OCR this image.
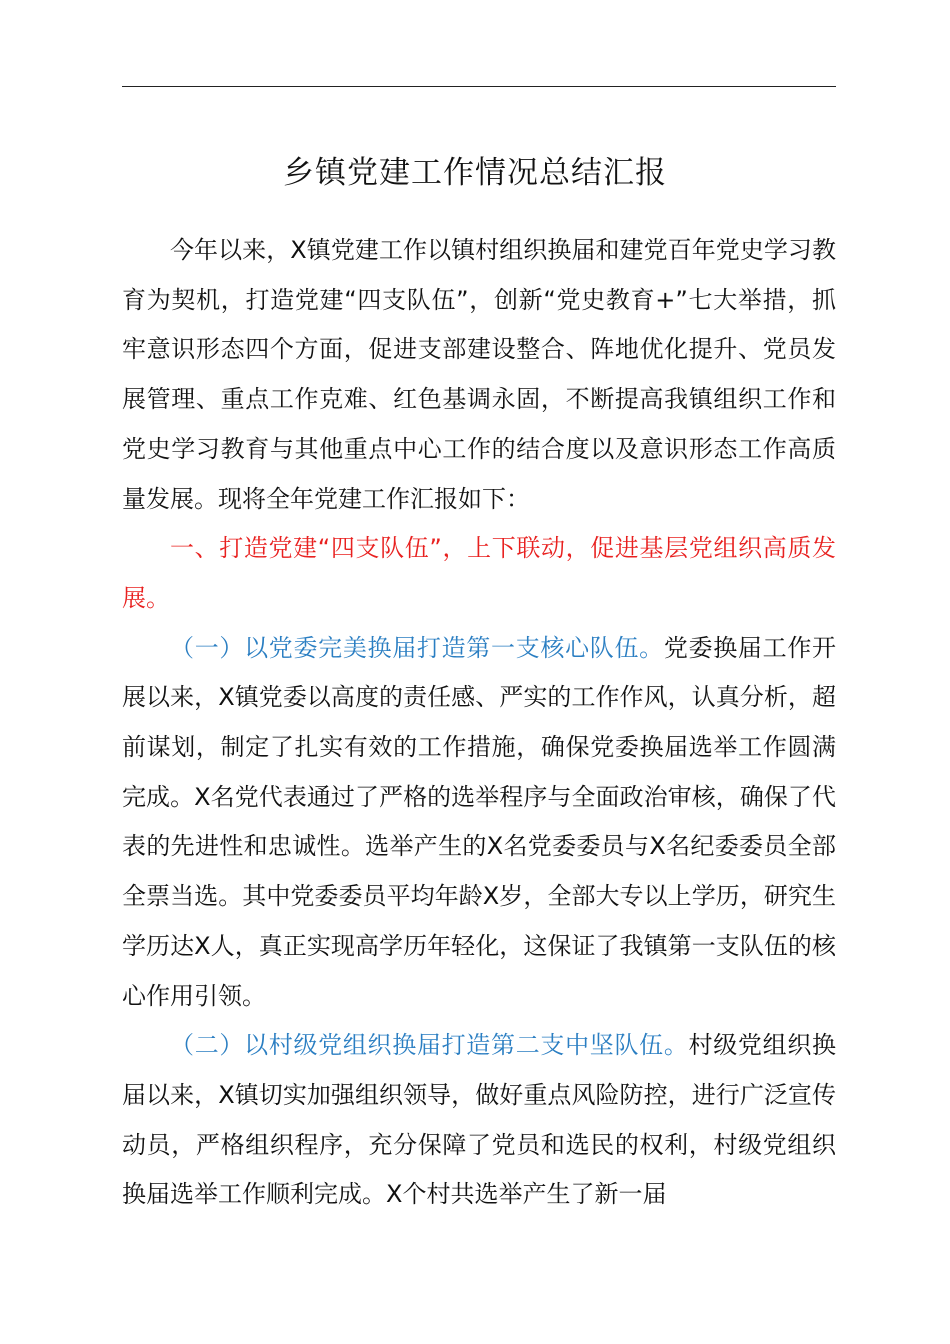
乡镇党建工作情况总结汇报

今年以来，X镇党建工作以镇村组织换届和建党百年党史学习教育为契机，打造党建“四支队伍”，创新“党史教育+”七大举措，抓牢意识形态四个方面，促进支部建设整合、阵地优化提升、党员发展管理、重点工作克难、红色基调永固，不断提高我镇组织工作和党史学习教育与其他重点中心工作的结合度以及意识形态工作高质量发展。现将全年党建工作汇报如下：

一、打造党建“四支队伍”，上下联动，促进基层党组织高质发展。

（一）以党委完美换届打造第一支核心队伍。党委换届工作开展以来，X镇党委以高度的责任感、严实的工作作风，认真分析，超前谋划，制定了扎实有效的工作措施，确保党委换届选举工作圆满完成。X名党代表通过了严格的选举程序与全面政治审核，确保了代表的先进性和忠诚性。选举产生的X名党委委员与X名纪委委员全部全票当选。其中党委委员平均年龄X岁，全部大专以上学历，研究生学历达X人，真正实现高学历年轻化，这保证了我镇第一支队伍的核心作用引领。

（二）以村级党组织换届打造第二支中坚队伍。村级党组织换届以来，X镇切实加强组织领导，做好重点风险防控，进行广泛宣传动员，严格组织程序，充分保障了党员和选民的权利，村级党组织换届选举工作顺利完成。X个村共选举产生了新一届
